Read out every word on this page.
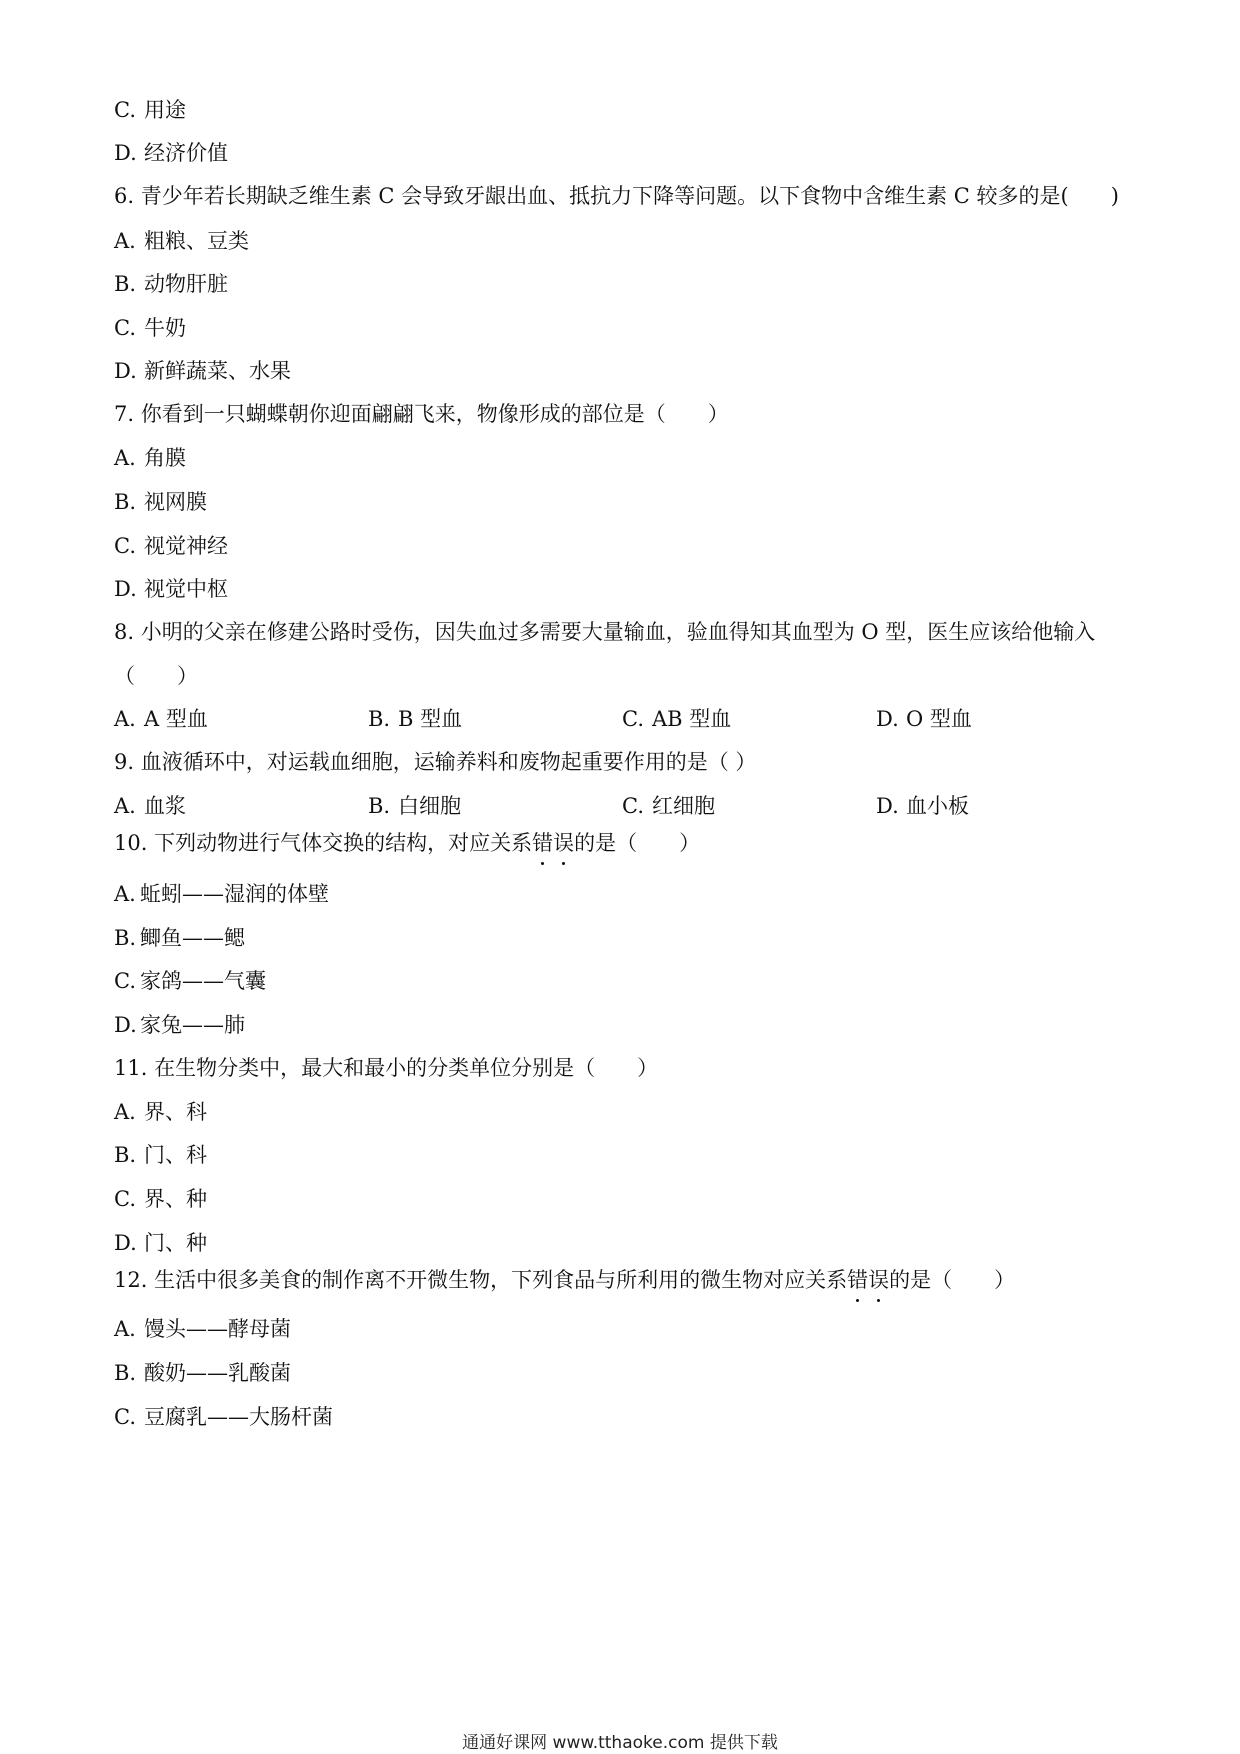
C. 用途
D. 经济价值
6. 青少年若长期缺乏维生素 C 会导致牙龈出血、抵抗力下降等问题。以下食物中含维生素 C 较多的是(　　)
A. 粗粮、豆类
B. 动物肝脏
C. 牛奶
D. 新鲜蔬菜、水果
7. 你看到一只蝴蝶朝你迎面翩翩飞来，物像形成的部位是（　　）
A. 角膜
B. 视网膜
C. 视觉神经
D. 视觉中枢
8. 小明的父亲在修建公路时受伤，因失血过多需要大量输血，验血得知其血型为 O 型，医生应该给他输入
（　　）
A. A 型血	B. B 型血	C. AB 型血	D. O 型血
9. 血液循环中，对运载血细胞，运输养料和废物起重要作用的是（ ）
A. 血浆	B. 白细胞	C. 红细胞	D. 血小板
10. 下列动物进行气体交换的结构，对应关系错误的是（　　）
A. 蚯蚓——湿润的体壁
B. 鲫鱼——鳃
C. 家鸽——气囊
D. 家兔——肺
11. 在生物分类中，最大和最小的分类单位分别是（　　）
A. 界、科
B. 门、科
C. 界、种
D. 门、种
12. 生活中很多美食的制作离不开微生物，下列食品与所利用的微生物对应关系错误的是（　　）
A. 馒头——酵母菌
B. 酸奶——乳酸菌
C. 豆腐乳——大肠杆菌
通通好课网 www.tthaoke.com 提供下载
